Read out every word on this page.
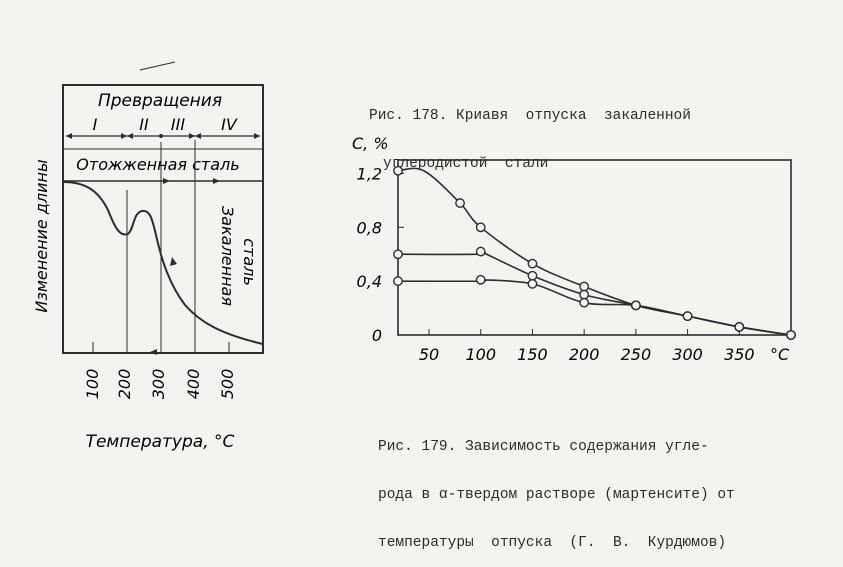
Превращения
I	II III IV
Отожженная сталь
Закаленная сталь
100 200 300 400 500
Изменение длины
Температура, °С
С, %
0
0,4
0,8
1,2
50 100 150 200 250 300 350 °С

Рис. 178. Криавя  отпуска  закаленной

углеродистой  стали

Рис. 179. Зависимость содержания угле-

рода в α-твердом растворе (мартенсите) от

температуры  отпуска  (Г.  В.  Курдюмов)
